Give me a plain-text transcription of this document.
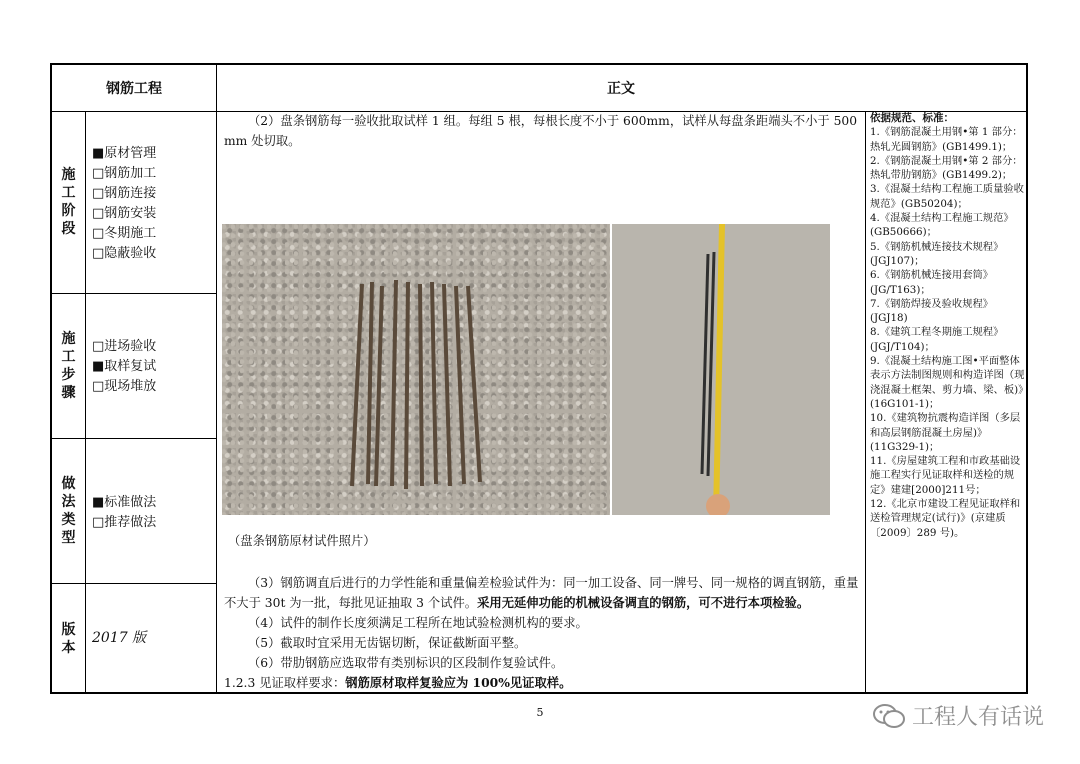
钢筋工程	正文
施
工
阶
段
■原材管理
□钢筋加工
□钢筋连接
□钢筋安装
□冬期施工
□隐蔽验收
施
工
步
骤
□进场验收
■取样复试
□现场堆放
做
法
类
型
■标准做法
□推荐做法
版
本
2017 版

（2）盘条钢筋每一验收批取试样 1 组。每组 5 根，每根长度不小于 600mm，试样从每盘条距端头不小于 500 mm 处切取。

（盘条钢筋原材试件照片）

（3）钢筋调直后进行的力学性能和重量偏差检验试件为：同一加工设备、同一牌号、同一规格的调直钢筋，重量不大于 30t 为一批，每批见证抽取 3 个试件。采用无延伸功能的机械设备调直的钢筋，可不进行本项检验。

（4）试件的制作长度须满足工程所在地试验检测机构的要求。

（5）截取时宜采用无齿锯切断，保证截断面平整。

（6）带肋钢筋应选取带有类别标识的区段制作复验试件。

1.2.3 见证取样要求：钢筋原材取样复验应为 100%见证取样。

依据规范、标准：
1.《钢筋混凝土用钢•第 1 部分：热轧光圆钢筋》(GB1499.1)；
2.《钢筋混凝土用钢•第 2 部分：热轧带肋钢筋》(GB1499.2)；
3.《混凝土结构工程施工质量验收规范》(GB50204)；
4.《混凝土结构工程施工规范》(GB50666)；
5.《钢筋机械连接技术规程》(JGJ107)；
6.《钢筋机械连接用套筒》(JG/T163)；
7.《钢筋焊接及验收规程》(JGJ18)
8.《建筑工程冬期施工规程》(JGJ/T104)；
9.《混凝土结构施工图•平面整体表示方法制图规则和构造详图（现浇混凝土框架、剪力墙、梁、板)》(16G101-1)；
10.《建筑物抗震构造详图（多层和高层钢筋混凝土房屋)》(11G329-1)；
11.《房屋建筑工程和市政基础设施工程实行见证取样和送检的规定》建建[2000]211号；
12.《北京市建设工程见证取样和送检管理规定(试行)》(京建质〔2009〕289 号)。
5	工程人有话说
